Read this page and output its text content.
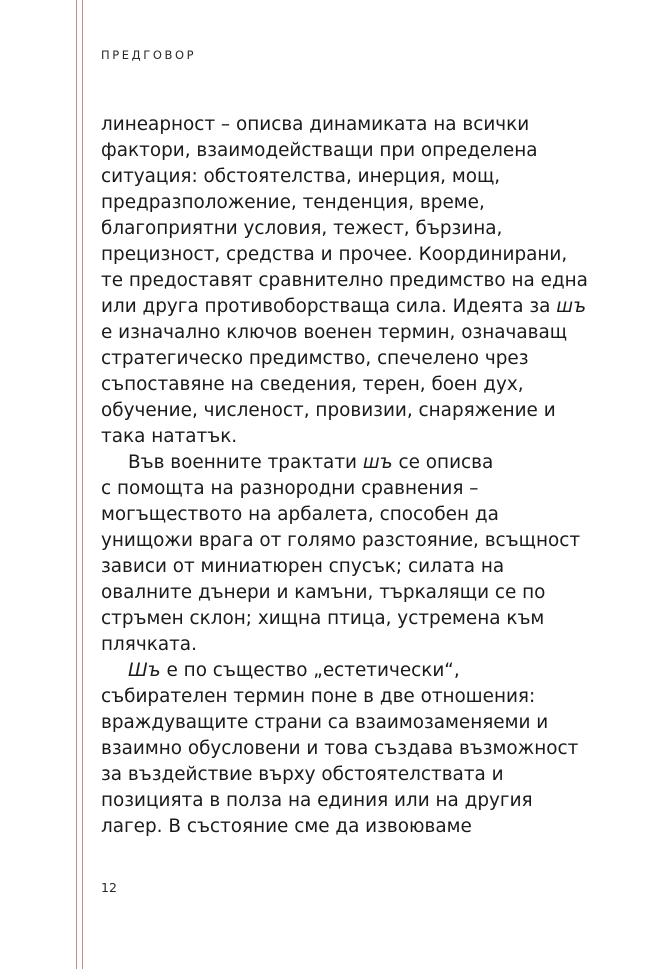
ПРЕДГОВОР
линеарност – описва динамиката на всички
фактори, взаимодействащи при определена
ситуация: обстоятелства, инерция, мощ,
предразположение, тенденция, време,
благоприятни условия, тежест, бързина,
прецизност, средства и прочее. Координирани,
те предоставят сравнително предимство на една
или друга противоборстваща сила. Идеята за шъ
е изначално ключов военен термин, означаващ
стратегическо предимство, спечелено чрез
съпоставяне на сведения, терен, боен дух,
обучение, численост, провизии, снаряжение и
така нататък.
Във военните трактати шъ се описва
с помощта на разнородни сравнения –
могъществото на арбалета, способен да
унищожи врага от голямо разстояние, всъщност
зависи от миниатюрен спусък; силата на
овалните дънери и камъни, търкалящи се по
стръмен склон; хищна птица, устремена към
плячката.
Шъ е по същество „естетически“,
събирателен термин поне в две отношения:
враждуващите страни са взаимозаменяеми и
взаимно обусловени и това създава възможност
за въздействие върху обстоятелствата и
позицията в полза на единия или на другия
лагер. В състояние сме да извоюваме
12
